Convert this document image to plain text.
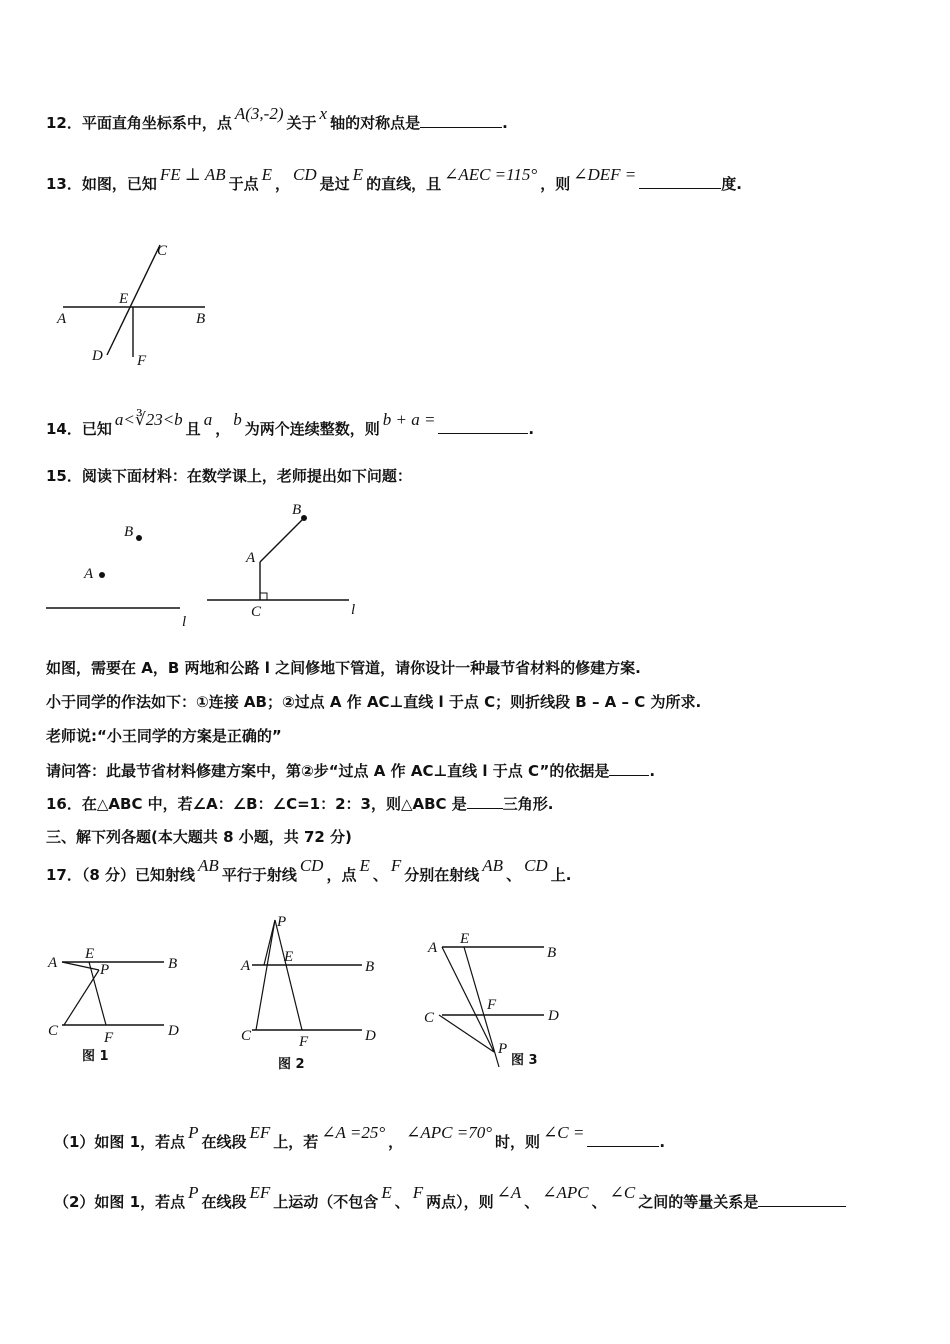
12．平面直角坐标系中，点 A(3,‑2) 关于 x 轴的对称点是	.
13．如图，已知 FE ⊥ AB 于点 E ， CD 是过 E 的直线，且 ∠AEC =115° ，则 ∠DEF =	度.
C
E
A	B
D F
14．已知 a<∛23<b 且 a ， b 为两个连续整数，则 b + a =	.
15．阅读下面材料：在数学课上，老师提出如下问题：
B
A
l
B
A
C	l
如图，需要在 A，B 两地和公路 l 之间修地下管道，请你设计一种最节省材料的修建方案.
小于同学的作法如下：①连接 AB；②过点 A 作 AC⊥直线 l 于点 C；则折线段 B – A – C 为所求.
老师说:“小王同学的方案是正确的”
请问答：此最节省材料修建方案中，第②步“过点 A 作 AC⊥直线 l 于点 C”的依据是	.
16．在△ABC 中，若∠A：∠B：∠C=1：2：3，则△ABC 是 三角形.
三、解下列各题(本大题共 8 小题，共 72 分)
17．（8 分）已知射线 AB 平行于射线 CD ，点 E 、 F 分别在射线 AB 、 CD 上.
A
E
B
P
C	F	D
图 1
P
A
E
B
C	F	D
图 2
A
E
B
C
F
D
P
图 3
（1）如图 1，若点 P 在线段 EF 上，若 ∠A =25° ， ∠APC =70° 时，则 ∠C =	.
（2）如图 1，若点 P 在线段 EF 上运动（不包含 E 、 F 两点），则 ∠A 、 ∠APC 、 ∠C 之间的等量关系是
